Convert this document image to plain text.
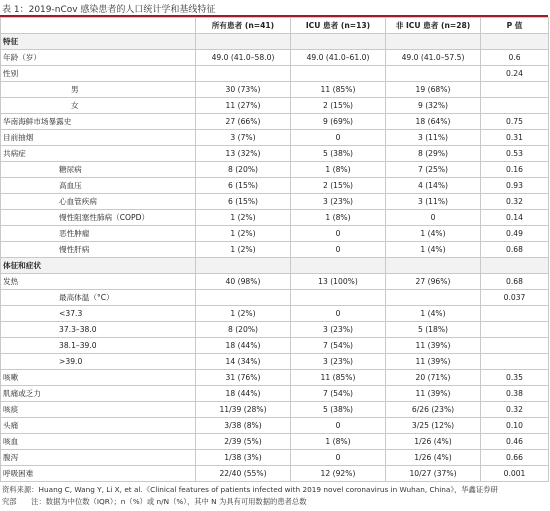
表 1：2019-nCov 感染患者的人口统计学和基线特征
	所有患者 (n=41)	ICU 患者 (n=13)	非 ICU 患者 (n=28)	P 值
特征				
年龄（岁）	49.0 (41.0–58.0)	49.0 (41.0–61.0)	49.0 (41.0–57.5)	0.6
性别				0.24
男	30 (73%)	11 (85%)	19 (68%)	
女	11 (27%)	2 (15%)	9 (32%)	
华南海鲜市场暴露史	27 (66%)	9 (69%)	18 (64%)	0.75
目前抽烟	3 (7%)	0	3 (11%)	0.31
共病症	13 (32%)	5 (38%)	8 (29%)	0.53
糖尿病	8 (20%)	1 (8%)	7 (25%)	0.16
高血压	6 (15%)	2 (15%)	4 (14%)	0.93
心血管疾病	6 (15%)	3 (23%)	3 (11%)	0.32
慢性阻塞性肺病（COPD）	1 (2%)	1 (8%)	0	0.14
恶性肿瘤	1 (2%)	0	1 (4%)	0.49
慢性肝病	1 (2%)	0	1 (4%)	0.68
体征和症状				
发热	40 (98%)	13 (100%)	27 (96%)	0.68
最高体温（°C）				0.037
<37.3	1 (2%)	0	1 (4%)	
37.3–38.0	8 (20%)	3 (23%)	5 (18%)	
38.1–39.0	18 (44%)	7 (54%)	11 (39%)	
>39.0	14 (34%)	3 (23%)	11 (39%)	
咳嗽	31 (76%)	11 (85%)	20 (71%)	0.35
肌痛或乏力	18 (44%)	7 (54%)	11 (39%)	0.38
咳痰	11/39 (28%)	5 (38%)	6/26 (23%)	0.32
头痛	3/38 (8%)	0	3/25 (12%)	0.10
咳血	2/39 (5%)	1 (8%)	1/26 (4%)	0.46
腹泻	1/38 (3%)	0	1/26 (4%)	0.66
呼吸困难	22/40 (55%)	12 (92%)	10/27 (37%)	0.001
资料来源：Huang C, Wang Y, Li X, et al.《Clinical features of patients infected with 2019 novel coronavirus in Wuhan, China》，华鑫证券研
究部　　注：数据为中位数（IQR）；n（%）或 n/N（%），其中 N 为具有可用数据的患者总数
